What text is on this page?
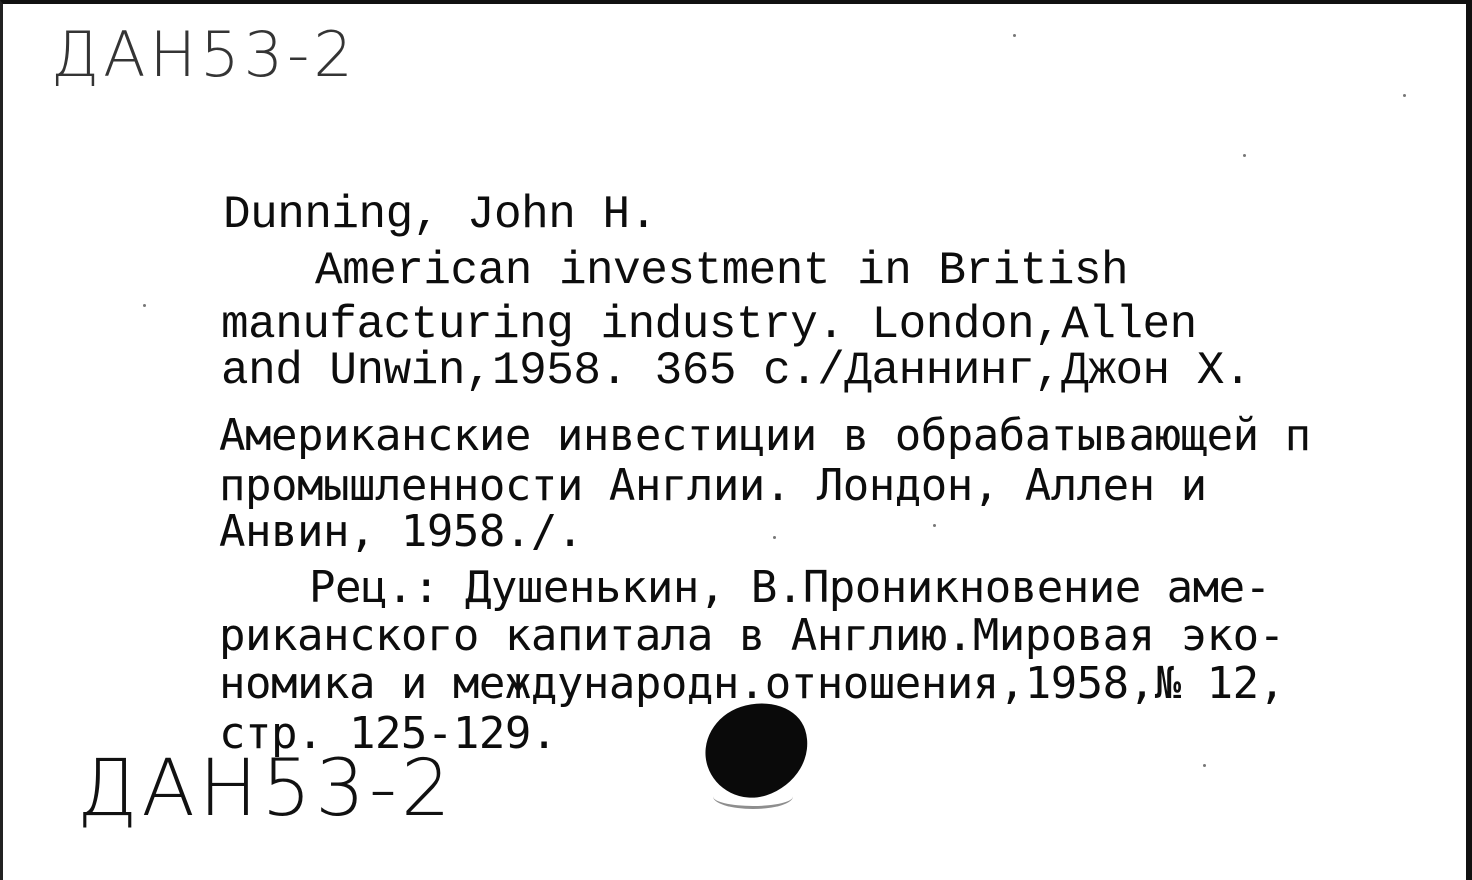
ДАН53-2
Dunning, John H.
American investment in British
manufacturing industry. London,Allen
and Unwin,1958. 365 c./Даннинг,Джон Х.
Американские инвестиции в обрабатывающей п
промышленности Англии. Лондон, Аллен и
Анвин, 1958./.
Рец.: Душенькин, В.Проникновение аме-
риканского капитала в Англию.Мировая эко-
номика и международн.отношения,1958,№ 12,
стр. 125-129.
ДАН53-2
